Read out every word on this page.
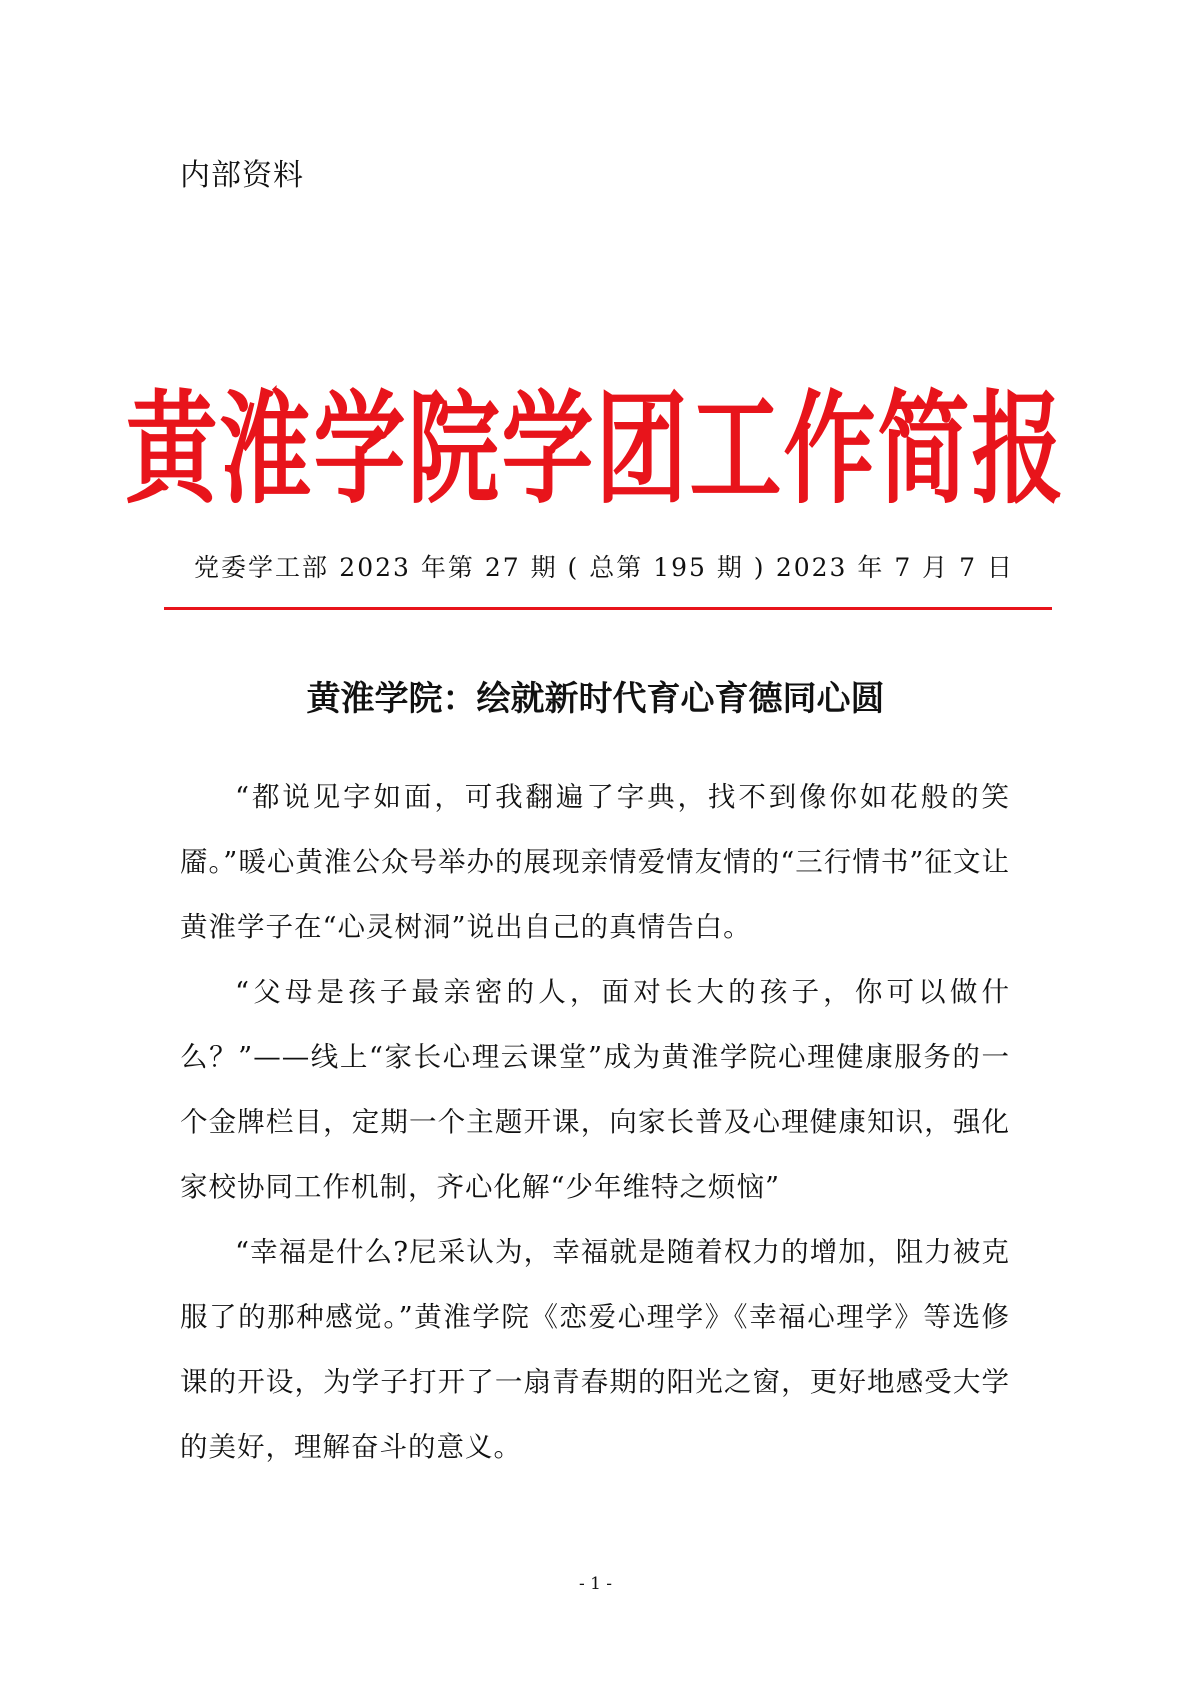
内部资料
黄淮学院学团工作简报
党委学工部 2023 年第 27 期 ( 总第 195 期 ) 2023 年 7 月 7 日
黄淮学院：绘就新时代育心育德同心圆

“都说见字如面，可我翻遍了字典，找不到像你如花般的笑靥。”暖心黄淮公众号举办的展现亲情爱情友情的“三行情书”征文让黄淮学子在“心灵树洞”说出自己的真情告白。

“父母是孩子最亲密的人，面对长大的孩子，你可以做什么？”——线上“家长心理云课堂”成为黄淮学院心理健康服务的一个金牌栏目，定期一个主题开课，向家长普及心理健康知识，强化家校协同工作机制，齐心化解“少年维特之烦恼”

“幸福是什么?尼采认为，幸福就是随着权力的增加，阻力被克服了的那种感觉。”黄淮学院《恋爱心理学》《幸福心理学》等选修课的开设，为学子打开了一扇青春期的阳光之窗，更好地感受大学的美好，理解奋斗的意义。

- 1 -
